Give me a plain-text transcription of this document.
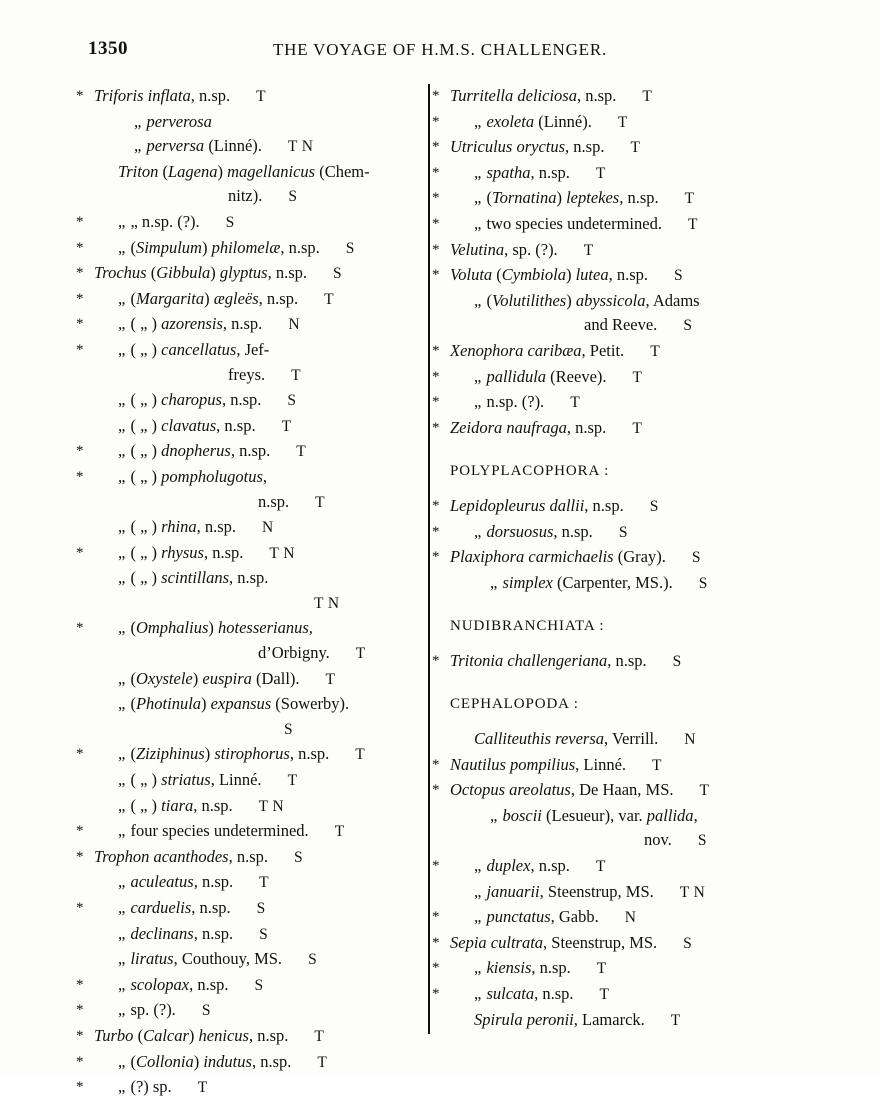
1350	THE VOYAGE OF H.M.S. CHALLENGER.
* Triforis inflata, n.sp. T
„ perverosa
„ perversa (Linné). T N
Triton (Lagena) magellanicus (Chem-
nitz). S
* „ „ n.sp. (?). S
* „ (Simpulum) philomelæ, n.sp. S
* Trochus (Gibbula) glyptus, n.sp. S
* „ (Margarita) ægleës, n.sp. T
* „ ( „ ) azorensis, n.sp. N
* „ ( „ ) cancellatus, Jef-
freys. T
„ ( „ ) charopus, n.sp. S
„ ( „ ) clavatus, n.sp. T
* „ ( „ ) dnopherus, n.sp. T
* „ ( „ ) pompholugotus,
n.sp. T
„ ( „ ) rhina, n.sp. N
* „ ( „ ) rhysus, n.sp. T N
„ ( „ ) scintillans, n.sp.
T N
* „ (Omphalius) hotesserianus,
d’Orbigny. T
„ (Oxystele) euspira (Dall). T
„ (Photinula) expansus (Sowerby).
S
* „ (Ziziphinus) stirophorus, n.sp. T
„ ( „ ) striatus, Linné. T
„ ( „ ) tiara, n.sp. T N
* „ four species undetermined. T
* Trophon acanthodes, n.sp. S
„ aculeatus, n.sp. T
* „ carduelis, n.sp. S
„ declinans, n.sp. S
„ liratus, Couthouy, MS. S
* „ scolopax, n.sp. S
* „ sp. (?). S
* Turbo (Calcar) henicus, n.sp. T
* „ (Collonia) indutus, n.sp. T
* „ (?) sp. T
* Turritella deliciosa, n.sp. T
* „ exoleta (Linné). T
* Utriculus oryctus, n.sp. T
* „ spatha, n.sp. T
* „ (Tornatina) leptekes, n.sp. T
* „ two species undetermined. T
* Velutina, sp. (?). T
* Voluta (Cymbiola) lutea, n.sp. S
„ (Volutilithes) abyssicola, Adams
and Reeve. S
* Xenophora caribæa, Petit. T
* „ pallidula (Reeve). T
* „ n.sp. (?). T
* Zeidora naufraga, n.sp. T
POLYPLACOPHORA :
* Lepidopleurus dallii, n.sp. S
* „ dorsuosus, n.sp. S
* Plaxiphora carmichaelis (Gray). S
„ simplex (Carpenter, MS.). S
NUDIBRANCHIATA :
* Tritonia challengeriana, n.sp. S
CEPHALOPODA :
Calliteuthis reversa, Verrill. N
* Nautilus pompilius, Linné. T
* Octopus areolatus, De Haan, MS. T
„ boscii (Lesueur), var. pallida,
nov. S
* „ duplex, n.sp. T
„ januarii, Steenstrup, MS. T N
* „ punctatus, Gabb. N
* Sepia cultrata, Steenstrup, MS. S
* „ kiensis, n.sp. T
* „ sulcata, n.sp. T
Spirula peronii, Lamarck. T
